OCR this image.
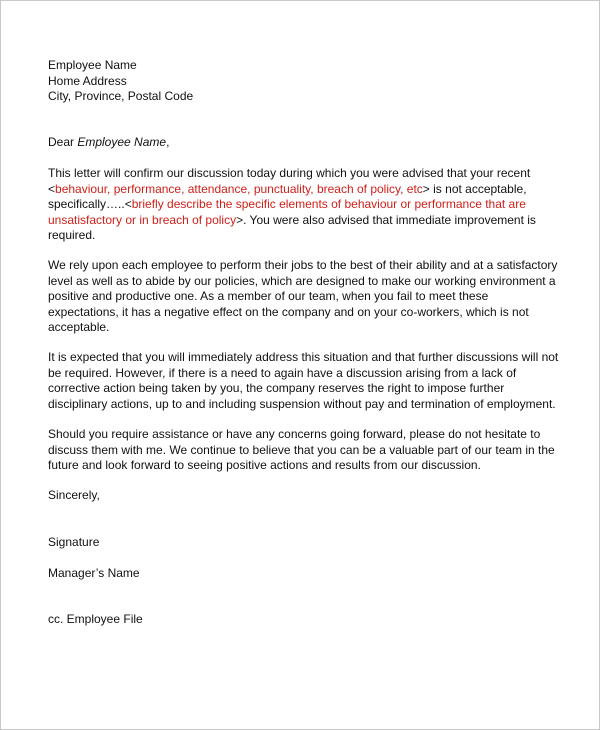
Employee Name
Home Address
City, Province, Postal Code
Dear Employee Name,
This letter will confirm our discussion today during which you were advised that your recent
<behaviour, performance, attendance, punctuality, breach of policy, etc> is not acceptable,
specifically…..<briefly describe the specific elements of behaviour or performance that are
unsatisfactory or in breach of policy>. You were also advised that immediate improvement is
required.
We rely upon each employee to perform their jobs to the best of their ability and at a satisfactory
level as well as to abide by our policies, which are designed to make our working environment a
positive and productive one. As a member of our team, when you fail to meet these
expectations, it has a negative effect on the company and on your co-workers, which is not
acceptable.
It is expected that you will immediately address this situation and that further discussions will not
be required. However, if there is a need to again have a discussion arising from a lack of
corrective action being taken by you, the company reserves the right to impose further
disciplinary actions, up to and including suspension without pay and termination of employment.
Should you require assistance or have any concerns going forward, please do not hesitate to
discuss them with me. We continue to believe that you can be a valuable part of our team in the
future and look forward to seeing positive actions and results from our discussion.
Sincerely,
Signature
Manager’s Name
cc. Employee File
